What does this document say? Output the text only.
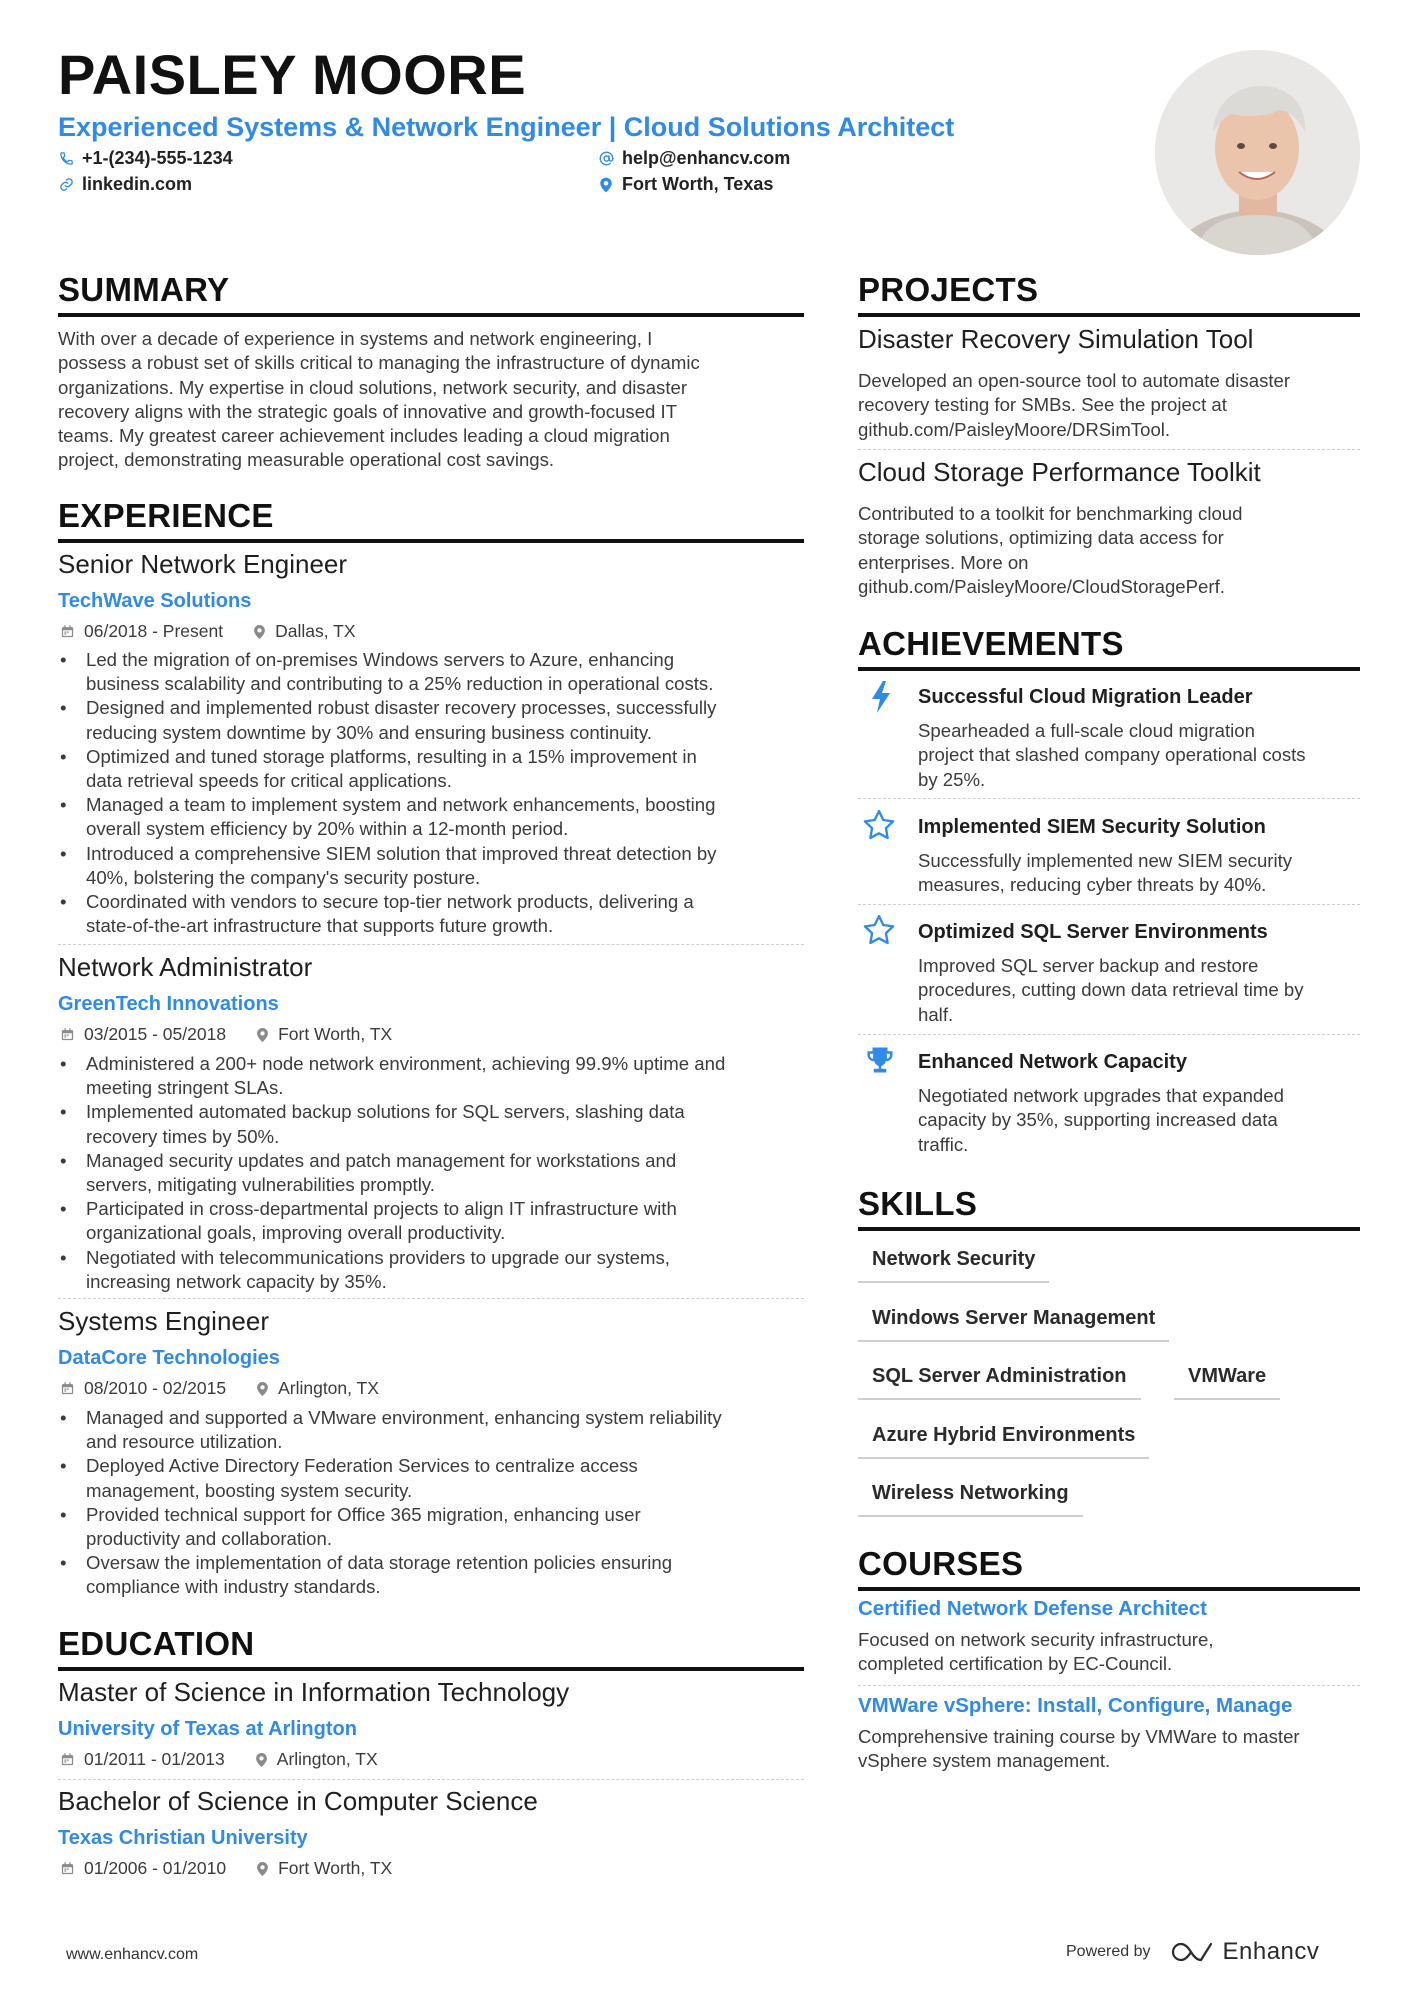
PAISLEY MOORE
Experienced Systems & Network Engineer | Cloud Solutions Architect
+1-(234)-555-1234
linkedin.com
help@enhancv.com
Fort Worth, Texas
SUMMARY
With over a decade of experience in systems and network engineering, I
possess a robust set of skills critical to managing the infrastructure of dynamic
organizations. My expertise in cloud solutions, network security, and disaster
recovery aligns with the strategic goals of innovative and growth-focused IT
teams. My greatest career achievement includes leading a cloud migration
project, demonstrating measurable operational cost savings.
EXPERIENCE
Senior Network Engineer
TechWave Solutions
06/2018 - Present	Dallas, TX
• Led the migration of on-premises Windows servers to Azure, enhancing
business scalability and contributing to a 25% reduction in operational costs.
• Designed and implemented robust disaster recovery processes, successfully
reducing system downtime by 30% and ensuring business continuity.
• Optimized and tuned storage platforms, resulting in a 15% improvement in
data retrieval speeds for critical applications.
• Managed a team to implement system and network enhancements, boosting
overall system efficiency by 20% within a 12-month period.
• Introduced a comprehensive SIEM solution that improved threat detection by
40%, bolstering the company's security posture.
• Coordinated with vendors to secure top-tier network products, delivering a
state-of-the-art infrastructure that supports future growth.
Network Administrator
GreenTech Innovations
03/2015 - 05/2018	Fort Worth, TX
• Administered a 200+ node network environment, achieving 99.9% uptime and
meeting stringent SLAs.
• Implemented automated backup solutions for SQL servers, slashing data
recovery times by 50%.
• Managed security updates and patch management for workstations and
servers, mitigating vulnerabilities promptly.
• Participated in cross-departmental projects to align IT infrastructure with
organizational goals, improving overall productivity.
• Negotiated with telecommunications providers to upgrade our systems,
increasing network capacity by 35%.
Systems Engineer
DataCore Technologies
08/2010 - 02/2015	Arlington, TX
• Managed and supported a VMware environment, enhancing system reliability
and resource utilization.
• Deployed Active Directory Federation Services to centralize access
management, boosting system security.
• Provided technical support for Office 365 migration, enhancing user
productivity and collaboration.
• Oversaw the implementation of data storage retention policies ensuring
compliance with industry standards.
EDUCATION
Master of Science in Information Technology
University of Texas at Arlington
01/2011 - 01/2013	Arlington, TX
Bachelor of Science in Computer Science
Texas Christian University
01/2006 - 01/2010	Fort Worth, TX
PROJECTS
Disaster Recovery Simulation Tool
Developed an open-source tool to automate disaster
recovery testing for SMBs. See the project at
github.com/PaisleyMoore/DRSimTool.
Cloud Storage Performance Toolkit
Contributed to a toolkit for benchmarking cloud
storage solutions, optimizing data access for
enterprises. More on
github.com/PaisleyMoore/CloudStoragePerf.
ACHIEVEMENTS
Successful Cloud Migration Leader
Spearheaded a full-scale cloud migration
project that slashed company operational costs
by 25%.
Implemented SIEM Security Solution
Successfully implemented new SIEM security
measures, reducing cyber threats by 40%.
Optimized SQL Server Environments
Improved SQL server backup and restore
procedures, cutting down data retrieval time by
half.
Enhanced Network Capacity
Negotiated network upgrades that expanded
capacity by 35%, supporting increased data
traffic.
SKILLS
Network Security
Windows Server Management
SQL Server Administration	VMWare
Azure Hybrid Environments
Wireless Networking
COURSES
Certified Network Defense Architect
Focused on network security infrastructure,
completed certification by EC-Council.
VMWare vSphere: Install, Configure, Manage
Comprehensive training course by VMWare to master
vSphere system management.
www.enhancv.com	Powered by	Enhancv
